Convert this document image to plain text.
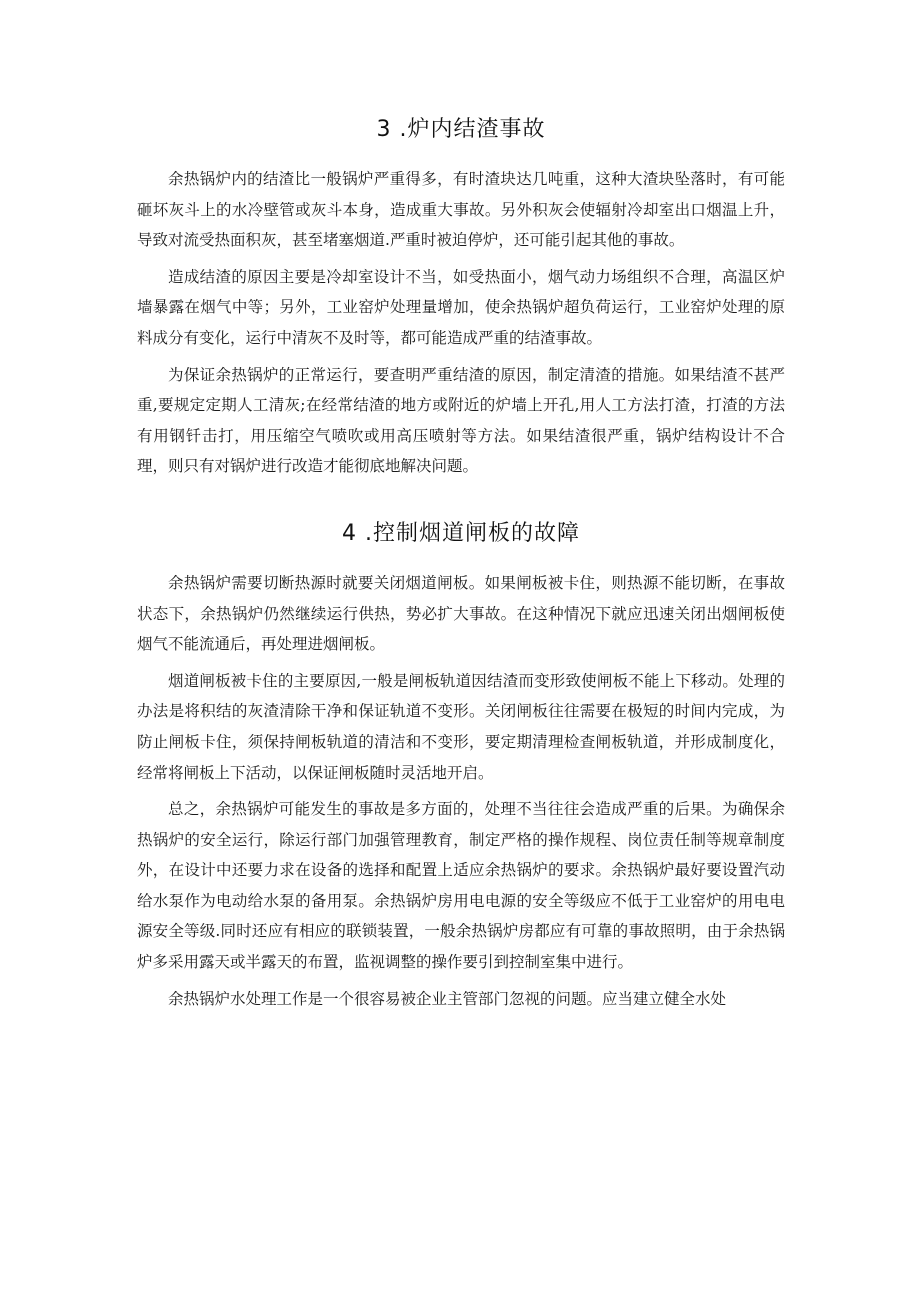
3 .炉内结渣事故

余热锅炉内的结渣比一般锅炉严重得多，有时渣块达几吨重，这种大渣块坠落时，有可能砸坏灰斗上的水冷壁管或灰斗本身，造成重大事故。另外积灰会使辐射冷却室出口烟温上升，导致对流受热面积灰，甚至堵塞烟道.严重时被迫停炉，还可能引起其他的事故。

造成结渣的原因主要是冷却室设计不当，如受热面小，烟气动力场组织不合理，高温区炉墙暴露在烟气中等；另外，工业窑炉处理量增加，使余热锅炉超负荷运行，工业窑炉处理的原料成分有变化，运行中清灰不及时等，都可能造成严重的结渣事故。

为保证余热锅炉的正常运行，要查明严重结渣的原因，制定清渣的措施。如果结渣不甚严重,要规定定期人工清灰;在经常结渣的地方或附近的炉墙上开孔,用人工方法打渣，打渣的方法有用钢钎击打，用压缩空气喷吹或用高压喷射等方法。如果结渣很严重，锅炉结构设计不合理，则只有对锅炉进行改造才能彻底地解决问题。

4 .控制烟道闸板的故障

余热锅炉需要切断热源时就要关闭烟道闸板。如果闸板被卡住，则热源不能切断，在事故状态下，余热锅炉仍然继续运行供热，势必扩大事故。在这种情况下就应迅速关闭出烟闸板使烟气不能流通后，再处理进烟闸板。

烟道闸板被卡住的主要原因,一般是闸板轨道因结渣而变形致使闸板不能上下移动。处理的办法是将积结的灰渣清除干净和保证轨道不变形。关闭闸板往往需要在极短的时间内完成，为防止闸板卡住，须保持闸板轨道的清洁和不变形，要定期清理检查闸板轨道，并形成制度化，经常将闸板上下活动，以保证闸板随时灵活地开启。

总之，余热锅炉可能发生的事故是多方面的，处理不当往往会造成严重的后果。为确保余热锅炉的安全运行，除运行部门加强管理教育，制定严格的操作规程、岗位责任制等规章制度外，在设计中还要力求在设备的选择和配置上适应余热锅炉的要求。余热锅炉最好要设置汽动给水泵作为电动给水泵的备用泵。余热锅炉房用电电源的安全等级应不低于工业窑炉的用电电源安全等级.同时还应有相应的联锁装置，一般余热锅炉房都应有可靠的事故照明，由于余热锅炉多采用露天或半露天的布置，监视调整的操作要引到控制室集中进行。

余热锅炉水处理工作是一个很容易被企业主管部门忽视的问题。应当建立健全水处
